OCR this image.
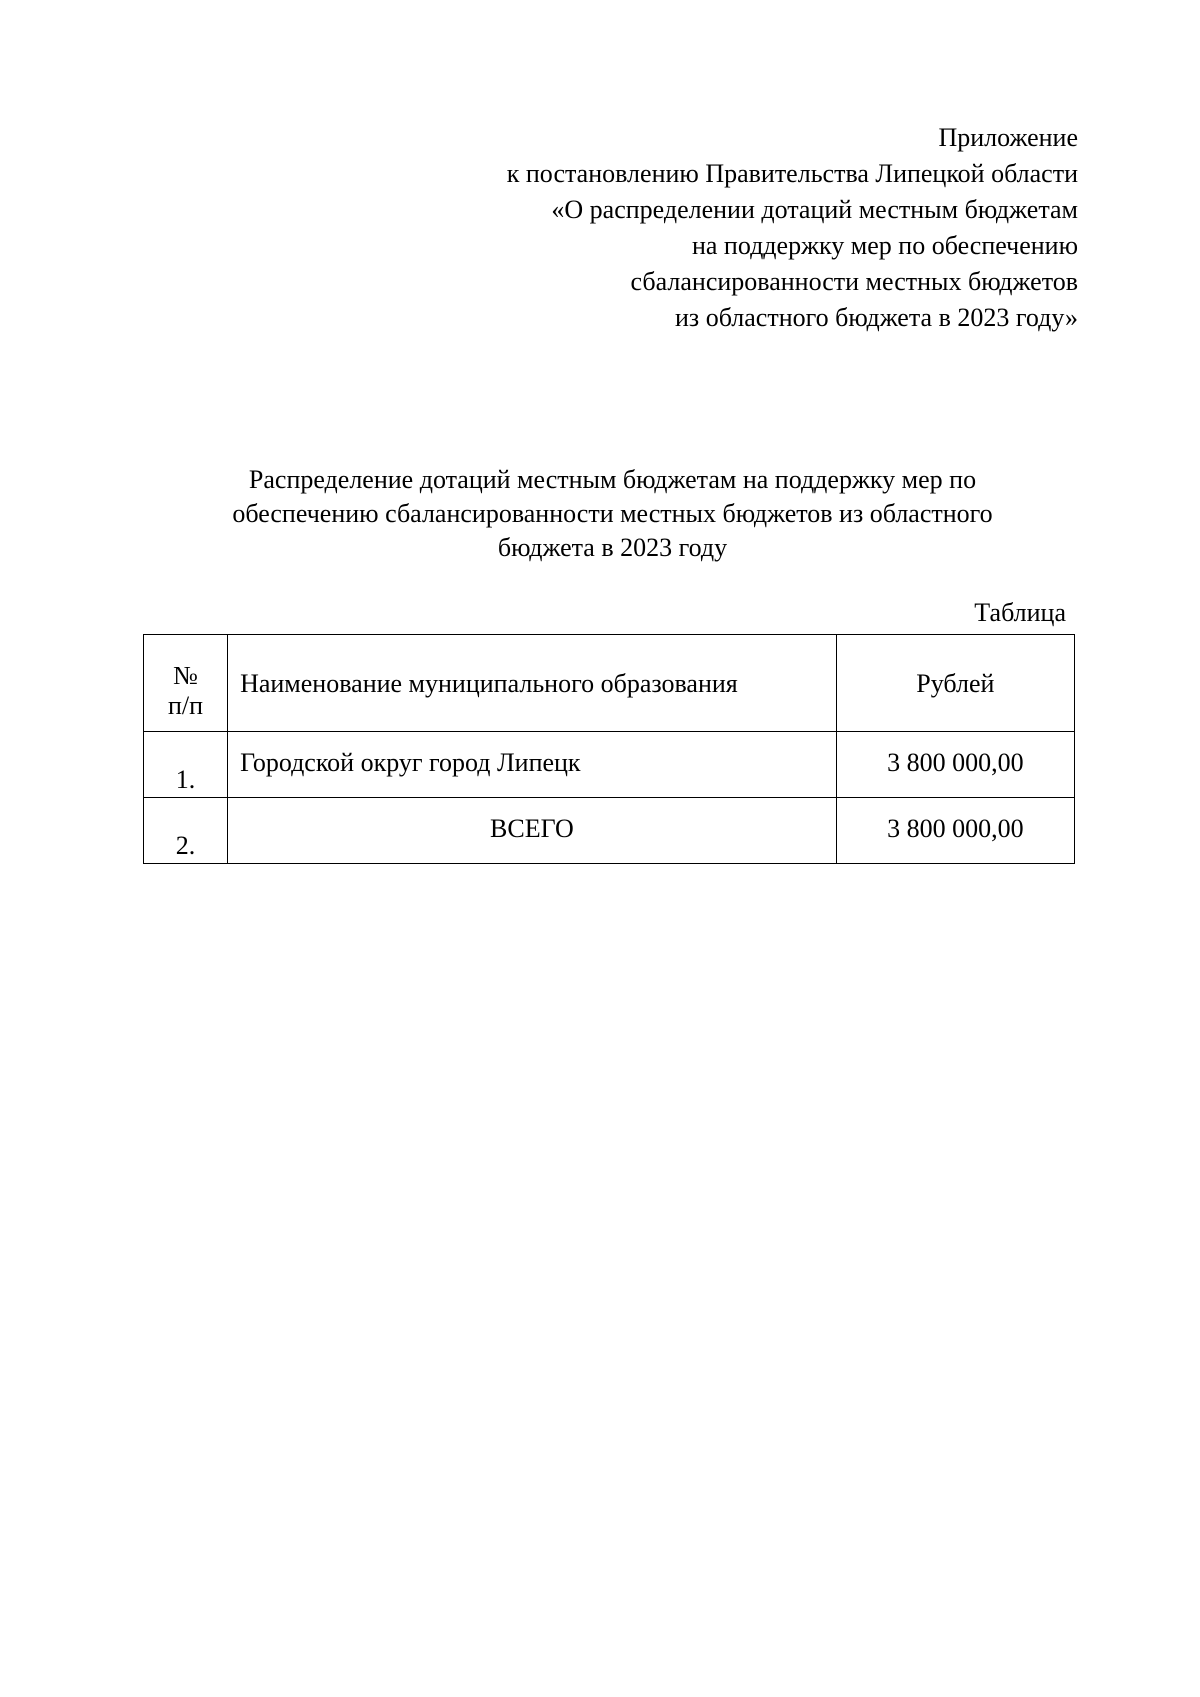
Приложение
к постановлению Правительства Липецкой области
«О распределении дотаций местным бюджетам
на поддержку мер по обеспечению
сбалансированности местных бюджетов
из областного бюджета в 2023 году»
Распределение дотаций местным бюджетам на поддержку мер по
обеспечению сбалансированности местных бюджетов из областного
бюджета в 2023 году
Таблица
№
п/п	Наименование муниципального образования	Рублей
1.	Городской округ город Липецк	3 800 000,00
2.	ВСЕГО	3 800 000,00
